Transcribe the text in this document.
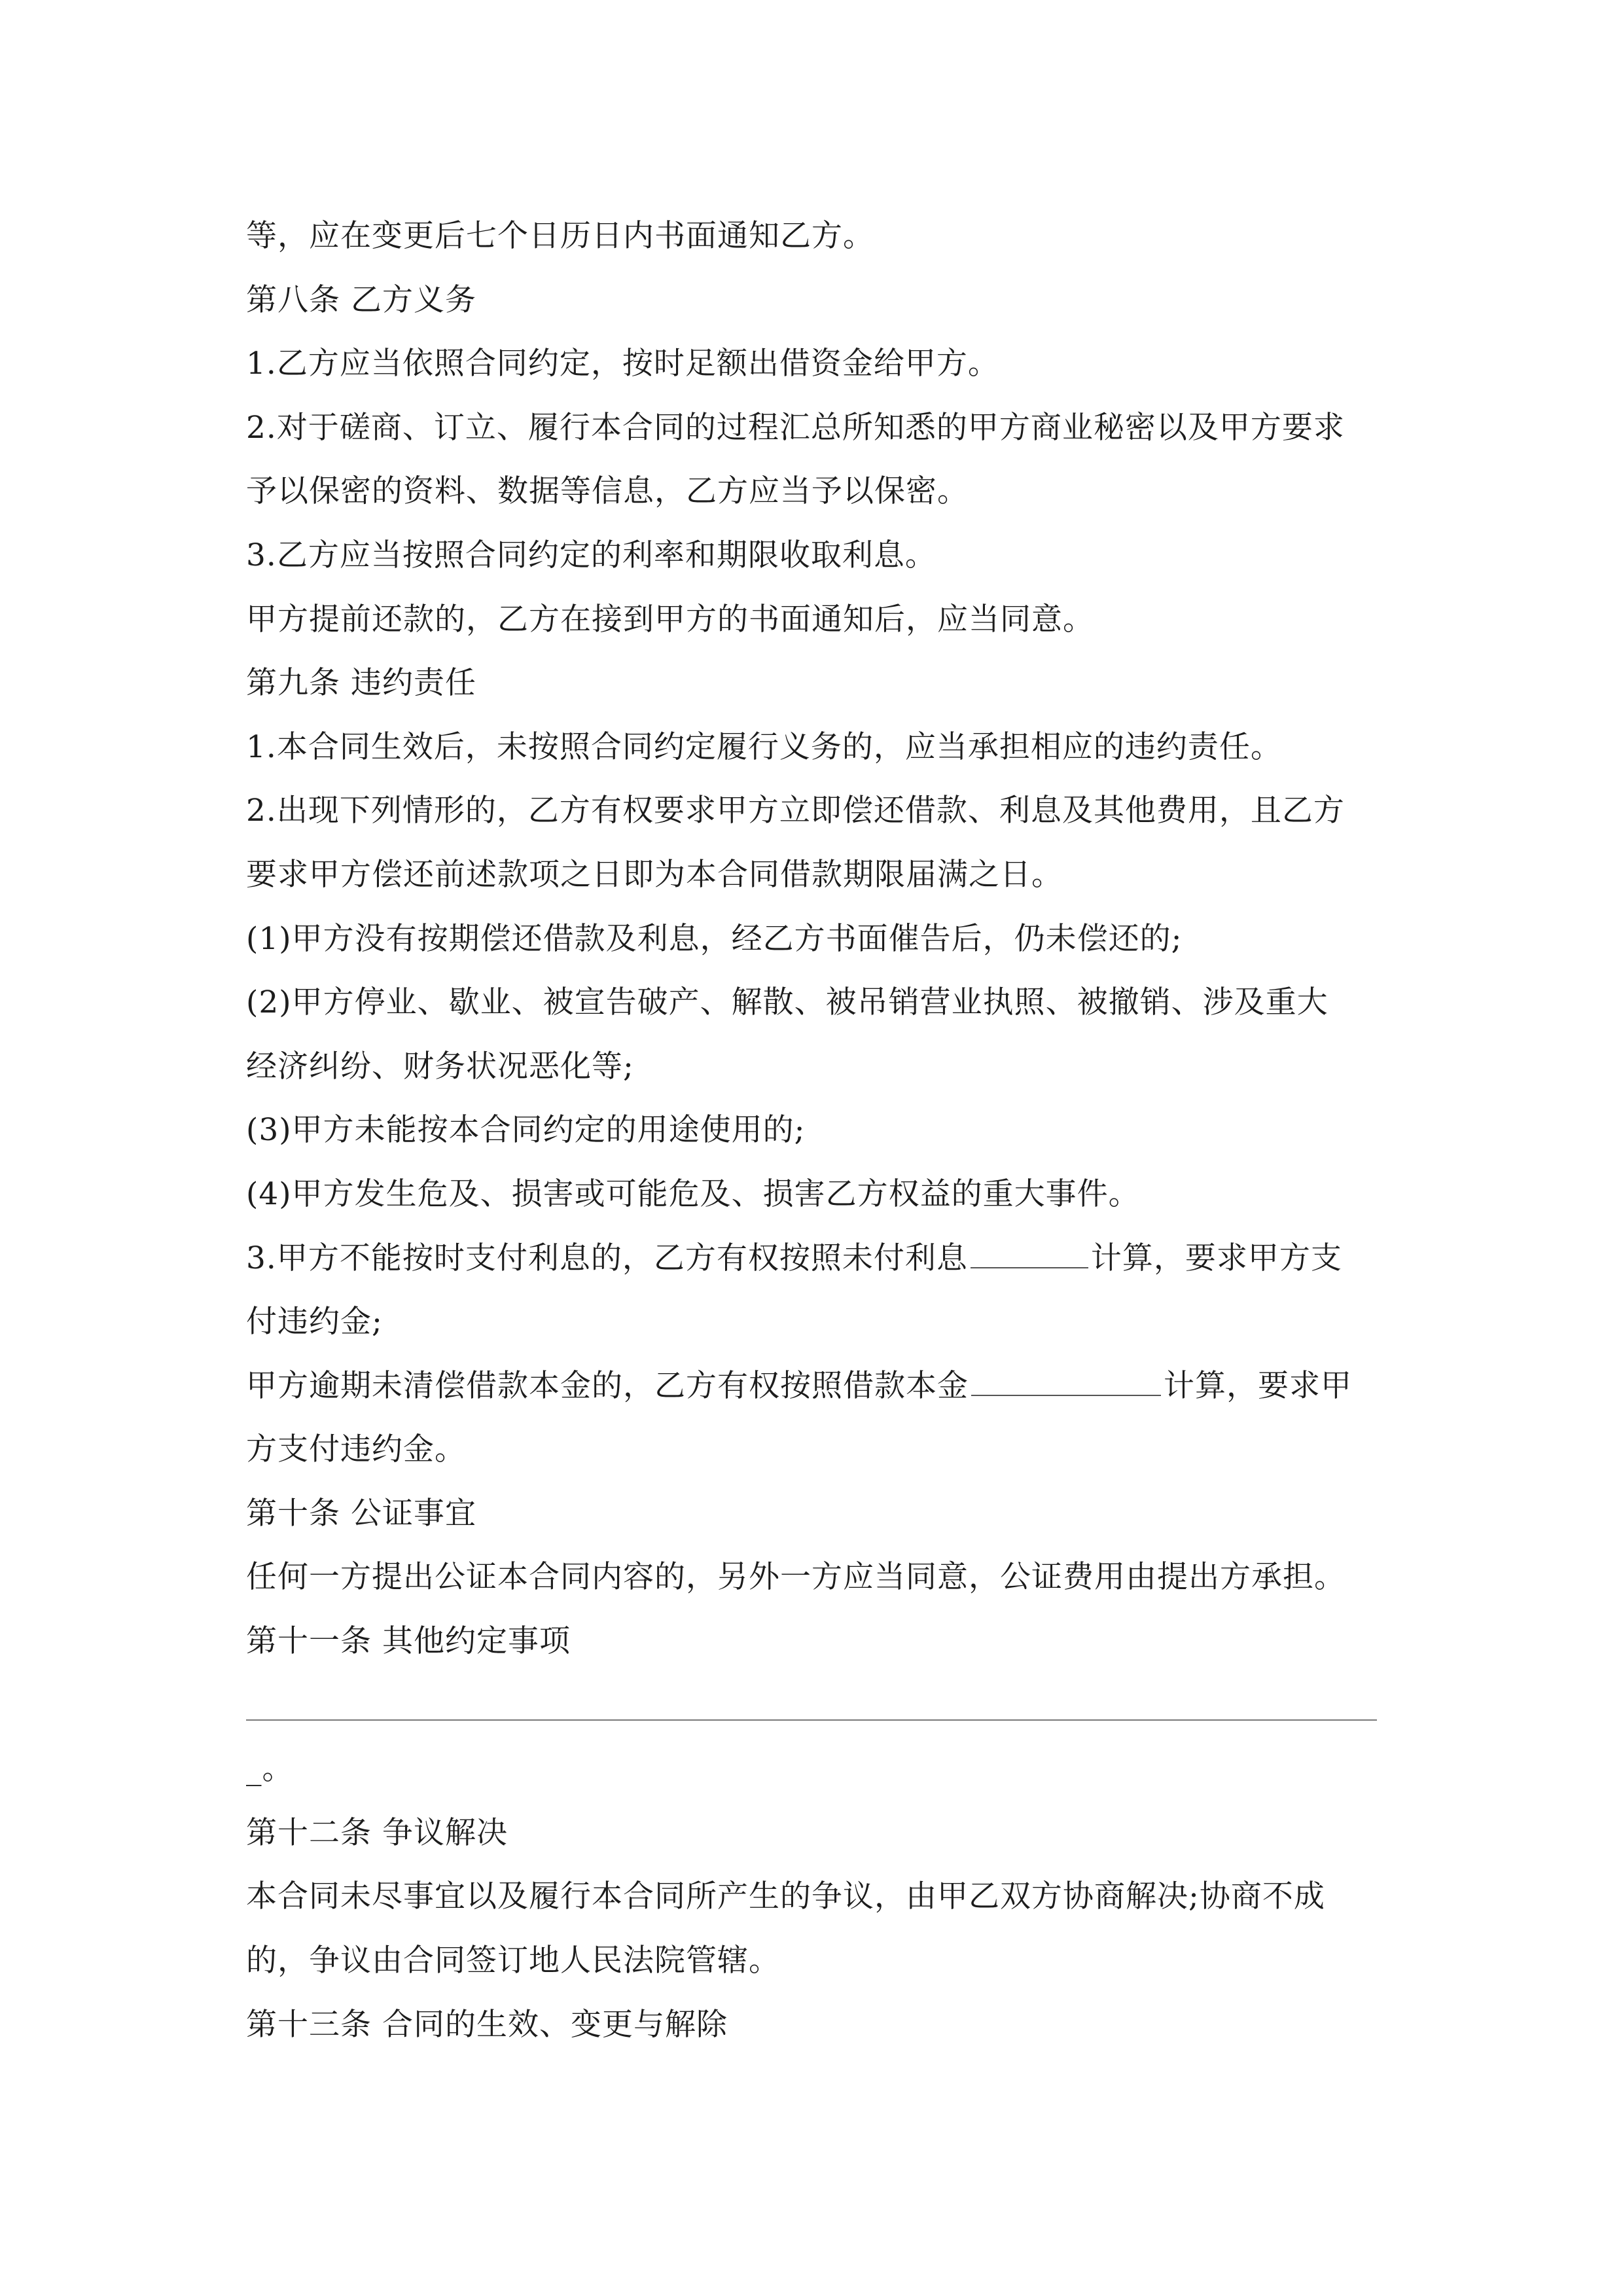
等，应在变更后七个日历日内书面通知乙方。
第八条 乙方义务
1.乙方应当依照合同约定，按时足额出借资金给甲方。
2.对于磋商、订立、履行本合同的过程汇总所知悉的甲方商业秘密以及甲方要求
予以保密的资料、数据等信息，乙方应当予以保密。
3.乙方应当按照合同约定的利率和期限收取利息。
甲方提前还款的，乙方在接到甲方的书面通知后，应当同意。
第九条 违约责任
1.本合同生效后，未按照合同约定履行义务的，应当承担相应的违约责任。
2.出现下列情形的，乙方有权要求甲方立即偿还借款、利息及其他费用，且乙方
要求甲方偿还前述款项之日即为本合同借款期限届满之日。
(1)甲方没有按期偿还借款及利息，经乙方书面催告后，仍未偿还的;
(2)甲方停业、歇业、被宣告破产、解散、被吊销营业执照、被撤销、涉及重大
经济纠纷、财务状况恶化等;
(3)甲方未能按本合同约定的用途使用的;
(4)甲方发生危及、损害或可能危及、损害乙方权益的重大事件。
3.甲方不能按时支付利息的，乙方有权按照未付利息	计算，要求甲方支
付违约金;
甲方逾期未清偿借款本金的，乙方有权按照借款本金	计算，要求甲
方支付违约金。
第十条 公证事宜
任何一方提出公证本合同内容的，另外一方应当同意，公证费用由提出方承担。
第十一条 其他约定事项
_。
第十二条 争议解决
本合同未尽事宜以及履行本合同所产生的争议，由甲乙双方协商解决;协商不成
的，争议由合同签订地人民法院管辖。
第十三条 合同的生效、变更与解除
